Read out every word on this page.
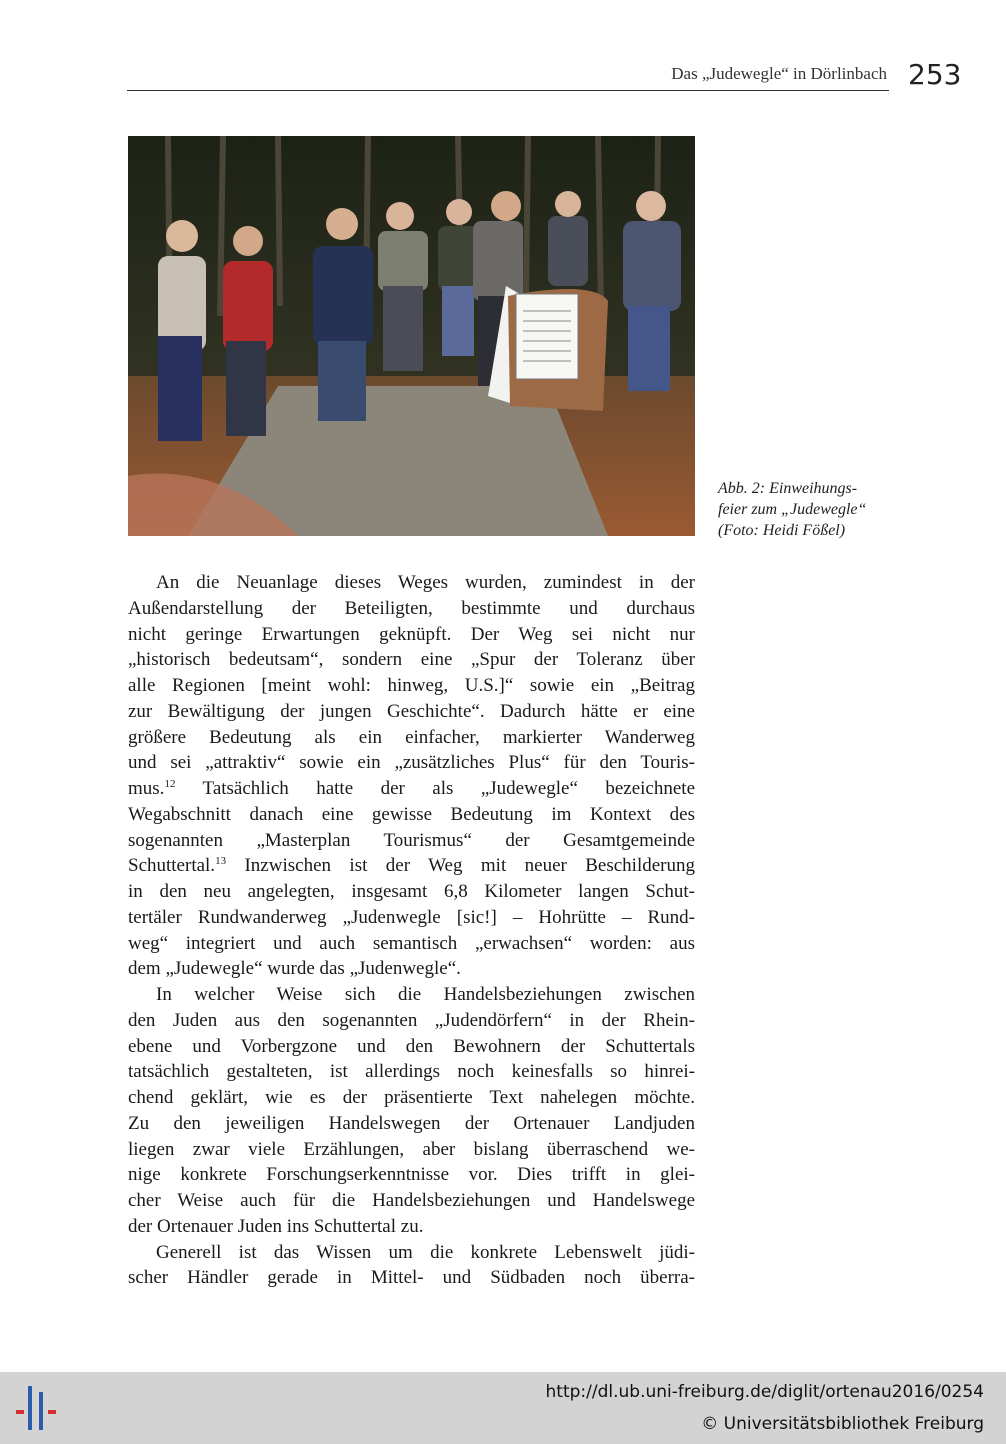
Das „Judewegle“ in Dörlinbach 253
Abb. 2: Einweihungs-
feier zum „Judewegle“
(Foto: Heidi Fößel)
An die Neuanlage dieses Weges wurden, zumindest in der
Außendarstellung der Beteiligten, bestimmte und durchaus
nicht geringe Erwartungen geknüpft. Der Weg sei nicht nur
„historisch bedeutsam“, sondern eine „Spur der Toleranz über
alle Regionen [meint wohl: hinweg, U.S.]“ sowie ein „Beitrag
zur Bewältigung der jungen Geschichte“. Dadurch hätte er eine
größere Bedeutung als ein einfacher, markierter Wanderweg
und sei „attraktiv“ sowie ein „zusätzliches Plus“ für den Touris-
mus.$^{12}$ Tatsächlich hatte der als „Judewegle“ bezeichnete
Wegabschnitt danach eine gewisse Bedeutung im Kontext des
sogenannten „Masterplan Tourismus“ der Gesamtgemeinde
Schuttertal.$^{13}$ Inzwischen ist der Weg mit neuer Beschilderung
in den neu angelegten, insgesamt 6,8 Kilometer langen Schut-
tertäler Rundwanderweg „Judenwegle [sic!] – Hohrütte – Rund-
weg“ integriert und auch semantisch „erwachsen“ worden: aus
dem „Judewegle“ wurde das „Judenwegle“.
In welcher Weise sich die Handelsbeziehungen zwischen
den Juden aus den sogenannten „Judendörfern“ in der Rhein-
ebene und Vorbergzone und den Bewohnern der Schuttertals
tatsächlich gestalteten, ist allerdings noch keinesfalls so hinrei-
chend geklärt, wie es der präsentierte Text nahelegen möchte.
Zu den jeweiligen Handelswegen der Ortenauer Landjuden
liegen zwar viele Erzählungen, aber bislang überraschend we-
nige konkrete Forschungserkenntnisse vor. Dies trifft in glei-
cher Weise auch für die Handelsbeziehungen und Handelswege
der Ortenauer Juden ins Schuttertal zu.
Generell ist das Wissen um die konkrete Lebenswelt jüdi-
scher Händler gerade in Mittel- und Südbaden noch überra-
http://dl.ub.uni-freiburg.de/diglit/ortenau2016/0254
© Universitätsbibliothek Freiburg
